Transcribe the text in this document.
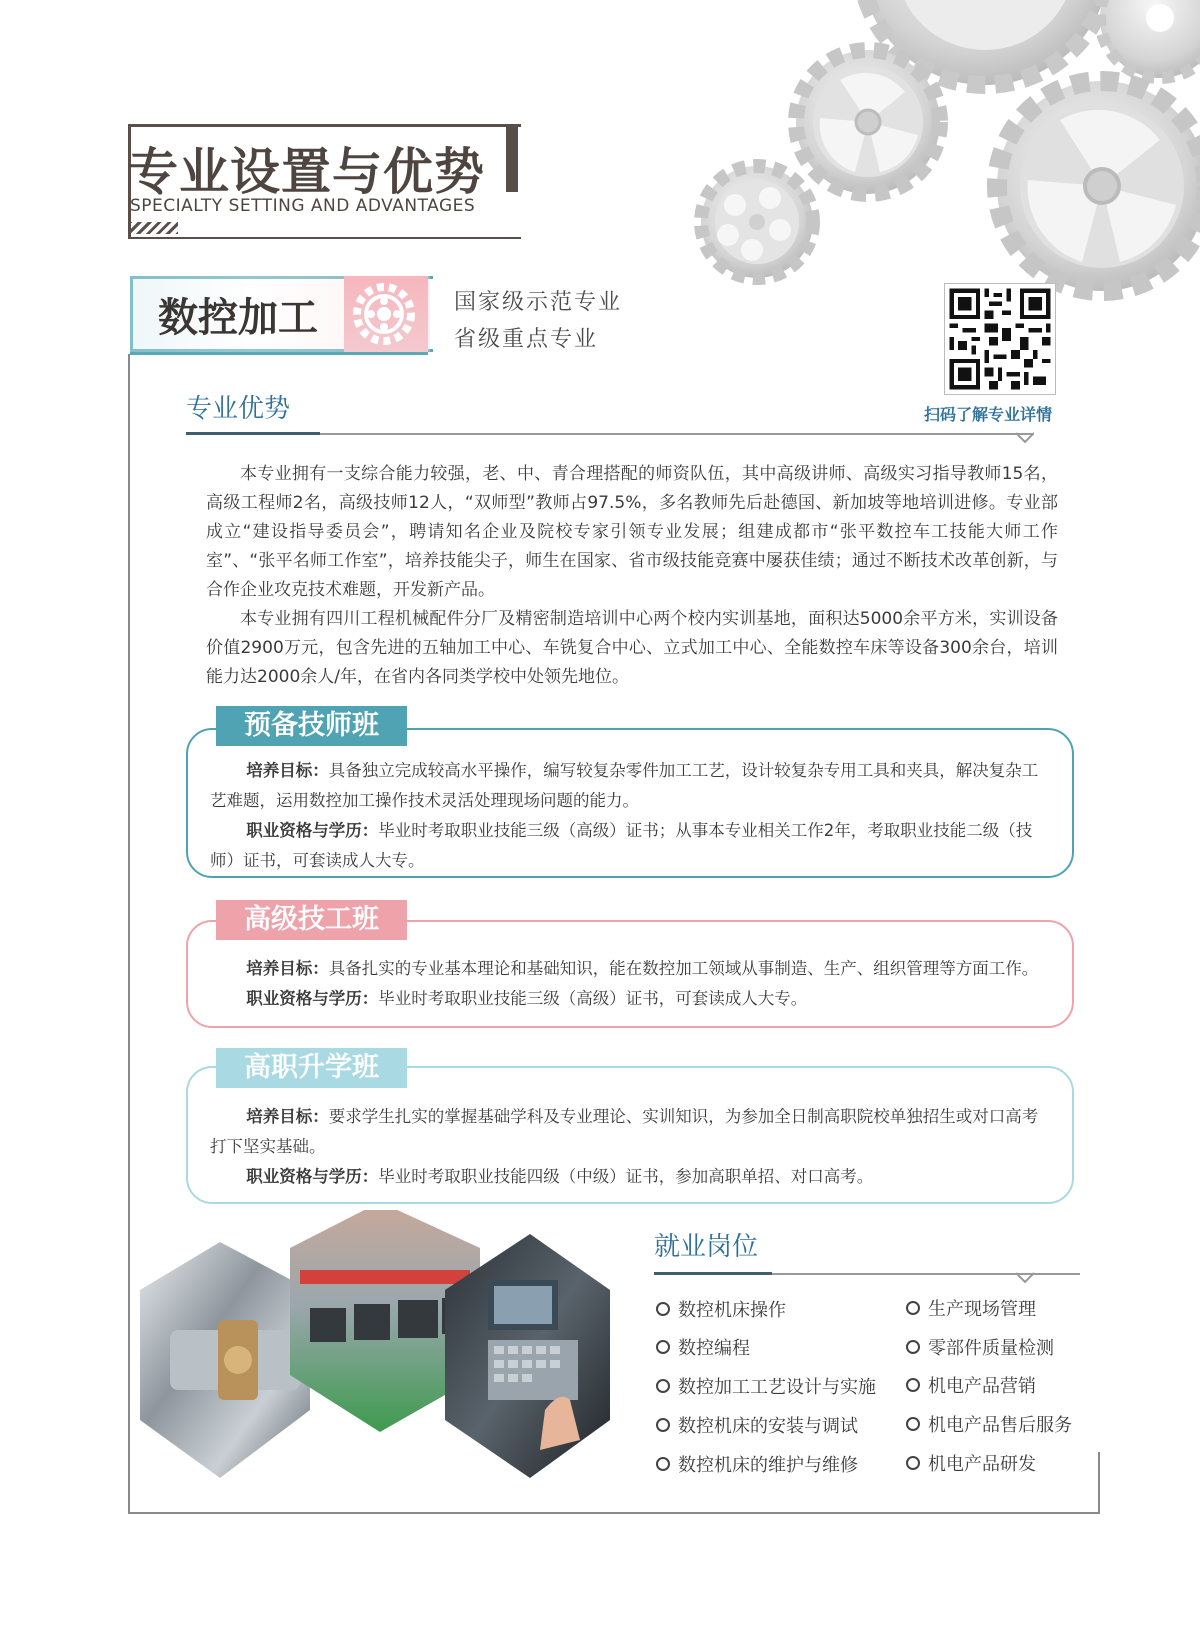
专业设置与优势
SPECIALTY SETTING AND ADVANTAGES
数控加工	国家级示范专业
省级重点专业
扫码了解专业详情
专业优势

本专业拥有一支综合能力较强，老、中、青合理搭配的师资队伍，其中高级讲师、高级实习指导教师15名，高级工程师2名，高级技师12人，“双师型”教师占97.5%，多名教师先后赴德国、新加坡等地培训进修。专业部成立“建设指导委员会”，聘请知名企业及院校专家引领专业发展；组建成都市“张平数控车工技能大师工作室”、“张平名师工作室”，培养技能尖子，师生在国家、省市级技能竞赛中屡获佳绩；通过不断技术改革创新，与合作企业攻克技术难题，开发新产品。

本专业拥有四川工程机械配件分厂及精密制造培训中心两个校内实训基地，面积达5000余平方米，实训设备价值2900万元，包含先进的五轴加工中心、车铣复合中心、立式加工中心、全能数控车床等设备300余台，培训能力达2000余人/年，在省内各同类学校中处领先地位。

预备技师班

培养目标：具备独立完成较高水平操作，编写较复杂零件加工工艺，设计较复杂专用工具和夹具，解决复杂工艺难题，运用数控加工操作技术灵活处理现场问题的能力。

职业资格与学历：毕业时考取职业技能三级（高级）证书；从事本专业相关工作2年，考取职业技能二级（技师）证书，可套读成人大专。

高级技工班

培养目标：具备扎实的专业基本理论和基础知识，能在数控加工领域从事制造、生产、组织管理等方面工作。

职业资格与学历：毕业时考取职业技能三级（高级）证书，可套读成人大专。

高职升学班

培养目标：要求学生扎实的掌握基础学科及专业理论、实训知识，为参加全日制高职院校单独招生或对口高考打下坚实基础。

职业资格与学历：毕业时考取职业技能四级（中级）证书，参加高职单招、对口高考。

就业岗位
数控机床操作
数控编程
数控加工工艺设计与实施
数控机床的安装与调试
数控机床的维护与维修
生产现场管理
零部件质量检测
机电产品营销
机电产品售后服务
机电产品研发
